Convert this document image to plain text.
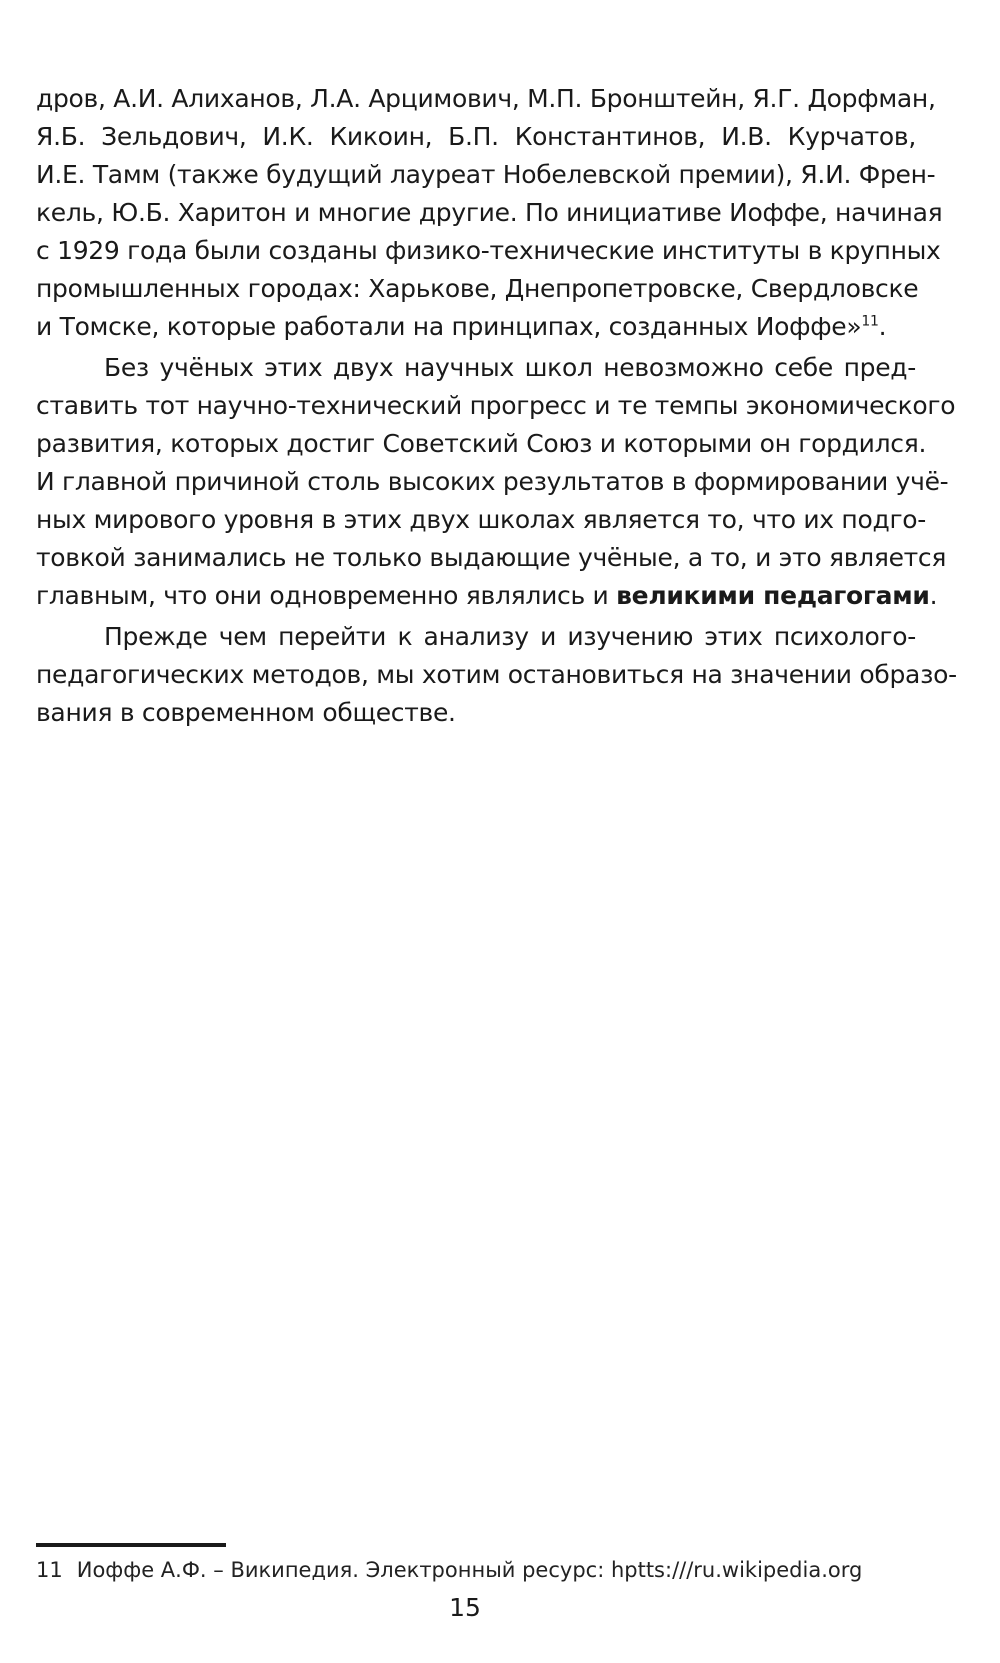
дров, А.И. Алиханов, Л.А. Арцимович, М.П. Бронштейн, Я.Г. Дорфман,
Я.Б. Зельдович, И.К. Кикоин, Б.П. Константинов, И.В. Курчатов,
И.Е. Тамм (также будущий лауреат Нобелевской премии), Я.И. Френ-
кель, Ю.Б. Харитон и многие другие. По инициативе Иоффе, начиная
с 1929 года были созданы физико-технические институты в крупных
промышленных городах: Харькове, Днепропетровске, Свердловске
и Томске, которые работали на принципах, созданных Иоффе»$^{11}$.
Без учёных этих двух научных школ невозможно себе пред-
ставить тот научно-технический прогресс и те темпы экономического
развития, которых достиг Советский Союз и которыми он гордился.
И главной причиной столь высоких результатов в формировании учё-
ных мирового уровня в этих двух школах является то, что их подго-
товкой занимались не только выдающие учёные, а то, и это является
главным, что они одновременно являлись и великими педагогами.
Прежде чем перейти к анализу и изучению этих психолого-
педагогических методов, мы хотим остановиться на значении образо-
вания в современном обществе.
11 Иоффе А.Ф. – Википедия. Электронный ресурс: hptts:///ru.wikipedia.org
15
